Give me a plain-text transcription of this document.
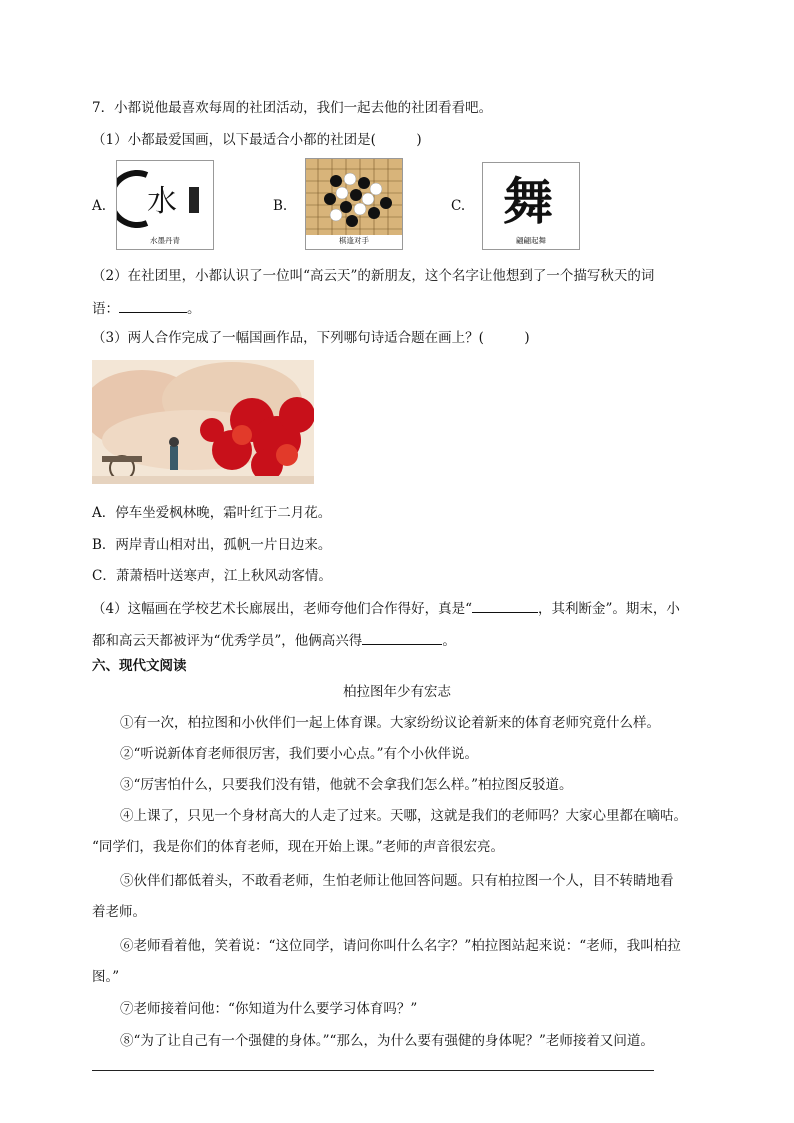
7．小都说他最喜欢每周的社团活动，我们一起去他的社团看看吧。
（1）小都最爱国画，以下最适合小都的社团是(　　　)
A. 水
水墨丹青
B.
棋逢对手
C. 舞
翩翩起舞
（2）在社团里，小都认识了一位叫“高云天”的新朋友，这个名字让他想到了一个描写秋天的词
语：	。
（3）两人合作完成了一幅国画作品，下列哪句诗适合题在画上？(　　　)
A．停车坐爱枫林晚，霜叶红于二月花。
B．两岸青山相对出，孤帆一片日边来。
C．萧萧梧叶送寒声，江上秋风动客情。
（4）这幅画在学校艺术长廊展出，老师夸他们合作得好，真是“	，其利断金”。期末，小
都和高云天都被评为“优秀学员”，他俩高兴得	。
六、现代文阅读
柏拉图年少有宏志
①有一次，柏拉图和小伙伴们一起上体育课。大家纷纷议论着新来的体育老师究竟什么样。
②“听说新体育老师很厉害，我们要小心点。”有个小伙伴说。
③“厉害怕什么，只要我们没有错，他就不会拿我们怎么样。”柏拉图反驳道。
④上课了，只见一个身材高大的人走了过来。天哪，这就是我们的老师吗？大家心里都在嘀咕。
“同学们，我是你们的体育老师，现在开始上课。”老师的声音很宏亮。
⑤伙伴们都低着头，不敢看老师，生怕老师让他回答问题。只有柏拉图一个人，目不转睛地看
着老师。
⑥老师看着他，笑着说：“这位同学，请问你叫什么名字？”柏拉图站起来说：“老师，我叫柏拉
图。”
⑦老师接着问他：“你知道为什么要学习体育吗？”
⑧“为了让自己有一个强健的身体。”“那么，为什么要有强健的身体呢？”老师接着又问道。
